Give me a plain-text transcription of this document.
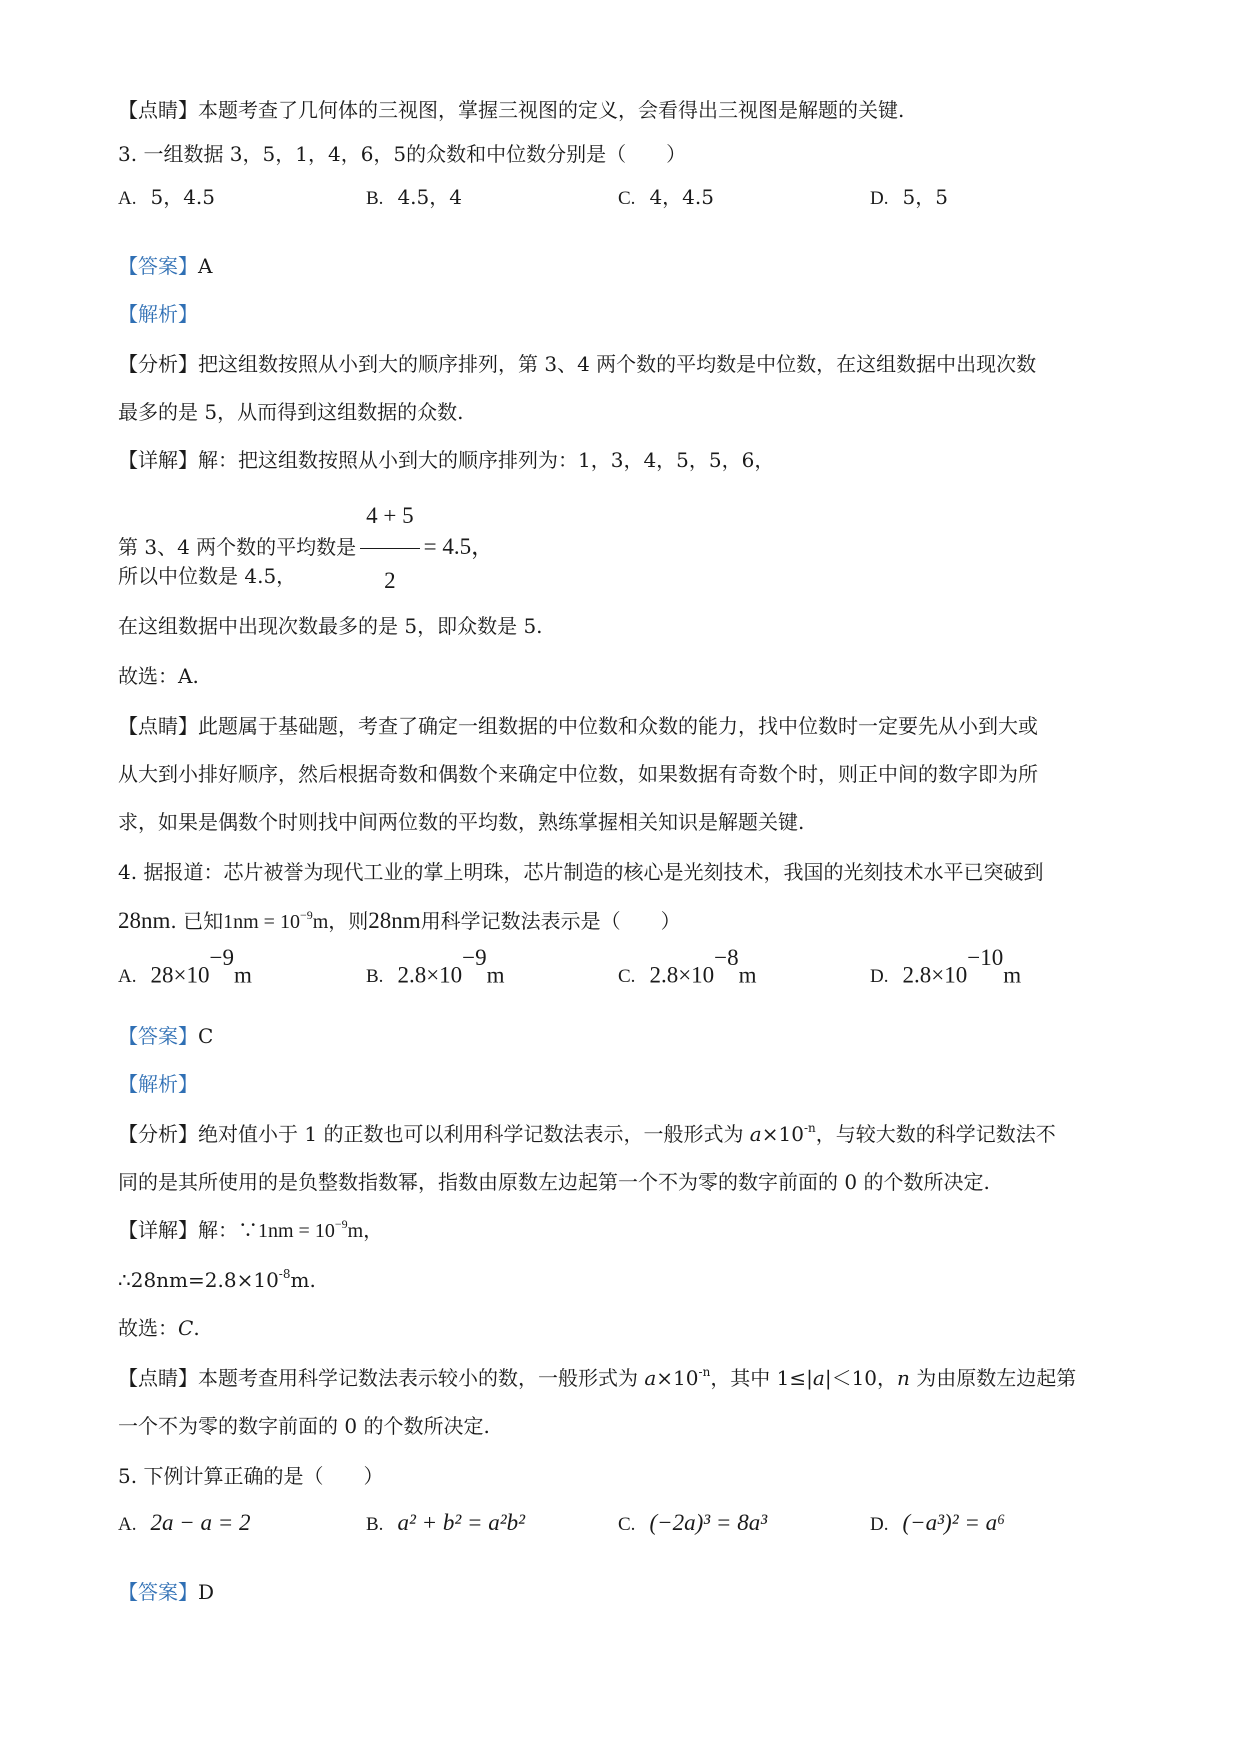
【点睛】本题考查了几何体的三视图，掌握三视图的定义，会看得出三视图是解题的关键.
3. 一组数据 3，5，1，4，6，5的众数和中位数分别是（　　）
A. 5，4.5	B. 4.5，4	C. 4，4.5	D. 5，5
【答案】A
【解析】
【分析】把这组数按照从小到大的顺序排列，第 3、4 两个数的平均数是中位数，在这组数据中出现次数
最多的是 5，从而得到这组数据的众数.
【详解】解：把这组数按照从小到大的顺序排列为：1，3，4，5，5，6，
第 3、4 两个数的平均数是 $\frac{4 + 5}{2} = 4.5$，
所以中位数是 4.5，
在这组数据中出现次数最多的是 5，即众数是 5.
故选：A.
【点睛】此题属于基础题，考查了确定一组数据的中位数和众数的能力，找中位数时一定要先从小到大或
从大到小排好顺序，然后根据奇数和偶数个来确定中位数，如果数据有奇数个时，则正中间的数字即为所
求，如果是偶数个时则找中间两位数的平均数，熟练掌握相关知识是解题关键.
4. 据报道：芯片被誉为现代工业的掌上明珠，芯片制造的核心是光刻技术，我国的光刻技术水平已突破到
28nm. 已知$1nm = 10^{-9}m$，则28nm用科学记数法表示是（　　）
A. $28\times 10^{-9}m$	B. $2.8\times 10^{-9}m$	C. $2.8\times 10^{-8}m$	D. $2.8\times 10^{-10}m$
【答案】C
【解析】
【分析】绝对值小于 1 的正数也可以利用科学记数法表示，一般形式为 $a\times 10^{-n}$，与较大数的科学记数法不
同的是其所使用的是负整数指数幂，指数由原数左边起第一个不为零的数字前面的 0 的个数所决定.
【详解】解：∵1nm = $10^{-9}m$，
$\therefore 28nm=2.8\times 10^{-8}m$.
故选：C.
【点睛】本题考查用科学记数法表示较小的数，一般形式为 $a\times 10^{-n}$，其中 1≤|a|＜10，n 为由原数左边起第
一个不为零的数字前面的 0 的个数所决定.
5. 下例计算正确的是（　　）
A. 2a − a = 2	B. a² + b² = a²b²	C. (−2a)³ = 8a³	D. (−a³)² = a⁶
【答案】D
